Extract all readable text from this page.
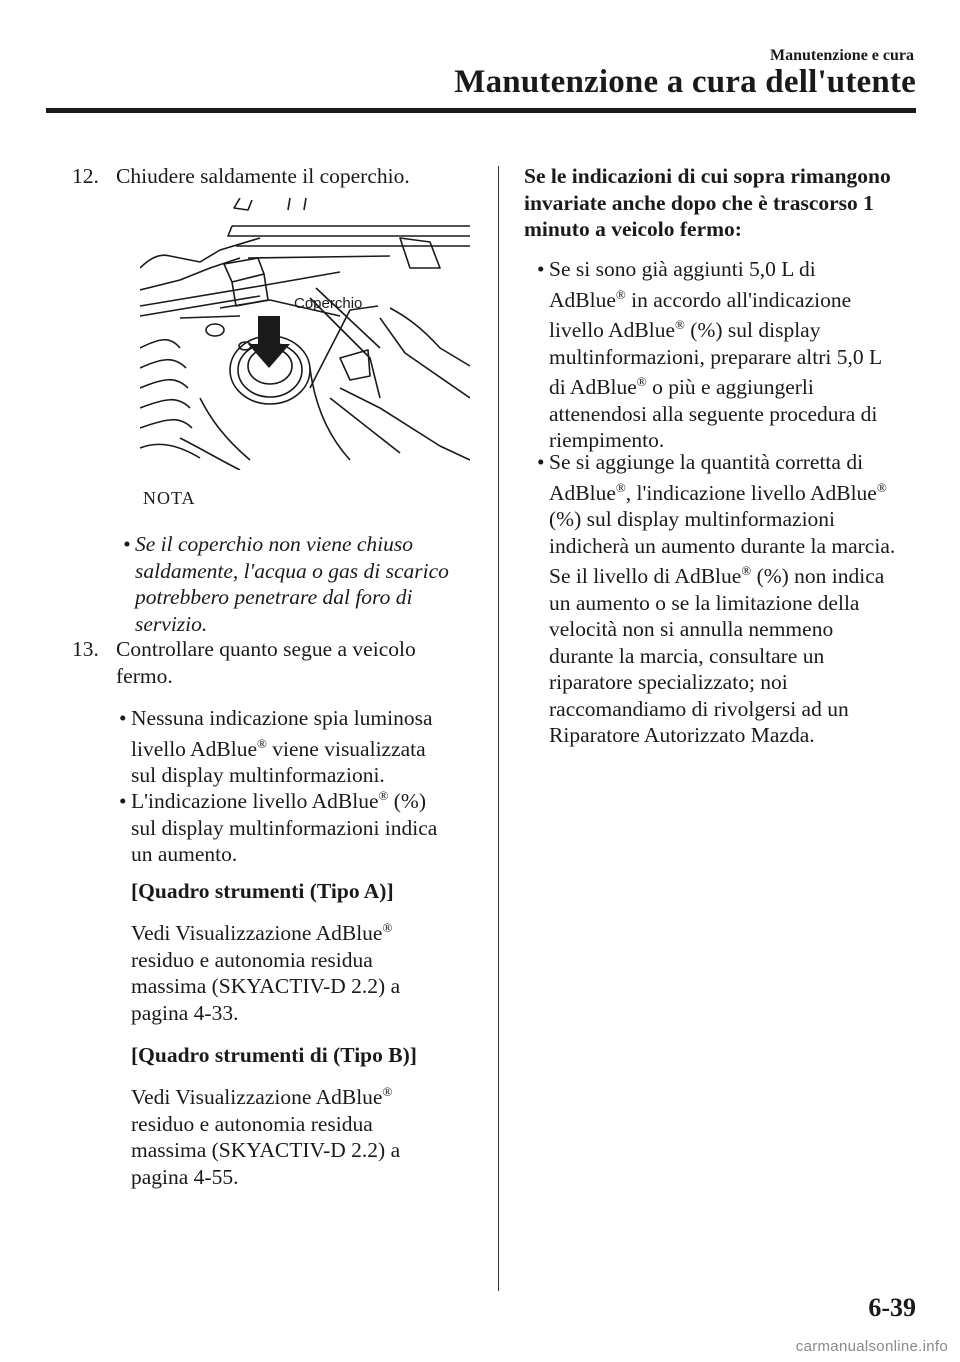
Manutenzione e cura
Manutenzione a cura dell'utente
12. Chiudere saldamente il coperchio.
Coperchio
NOTA
• Se il coperchio non viene chiuso
saldamente, l'acqua o gas di scarico
potrebbero penetrare dal foro di
servizio.
13. Controllare quanto segue a veicolo
fermo.
• Nessuna indicazione spia luminosa
livello AdBlue® viene visualizzata
sul display multinformazioni.
• L'indicazione livello AdBlue® (%)
sul display multinformazioni indica
un aumento.
[Quadro strumenti (Tipo A)]
Vedi Visualizzazione AdBlue®
residuo e autonomia residua
massima (SKYACTIV-D 2.2) a
pagina 4-33.
[Quadro strumenti di (Tipo B)]
Vedi Visualizzazione AdBlue®
residuo e autonomia residua
massima (SKYACTIV-D 2.2) a
pagina 4-55.
Se le indicazioni di cui sopra rimangono
invariate anche dopo che è trascorso 1
minuto a veicolo fermo:
• Se si sono già aggiunti 5,0 L di
AdBlue® in accordo all'indicazione
livello AdBlue® (%) sul display
multinformazioni, preparare altri 5,0 L
di AdBlue® o più e aggiungerli
attenendosi alla seguente procedura di
riempimento.
• Se si aggiunge la quantità corretta di
AdBlue®, l'indicazione livello AdBlue®
(%) sul display multinformazioni
indicherà un aumento durante la marcia.
Se il livello di AdBlue® (%) non indica
un aumento o se la limitazione della
velocità non si annulla nemmeno
durante la marcia, consultare un
riparatore specializzato; noi
raccomandiamo di rivolgersi ad un
Riparatore Autorizzato Mazda.
6-39
carmanualsonline.info
